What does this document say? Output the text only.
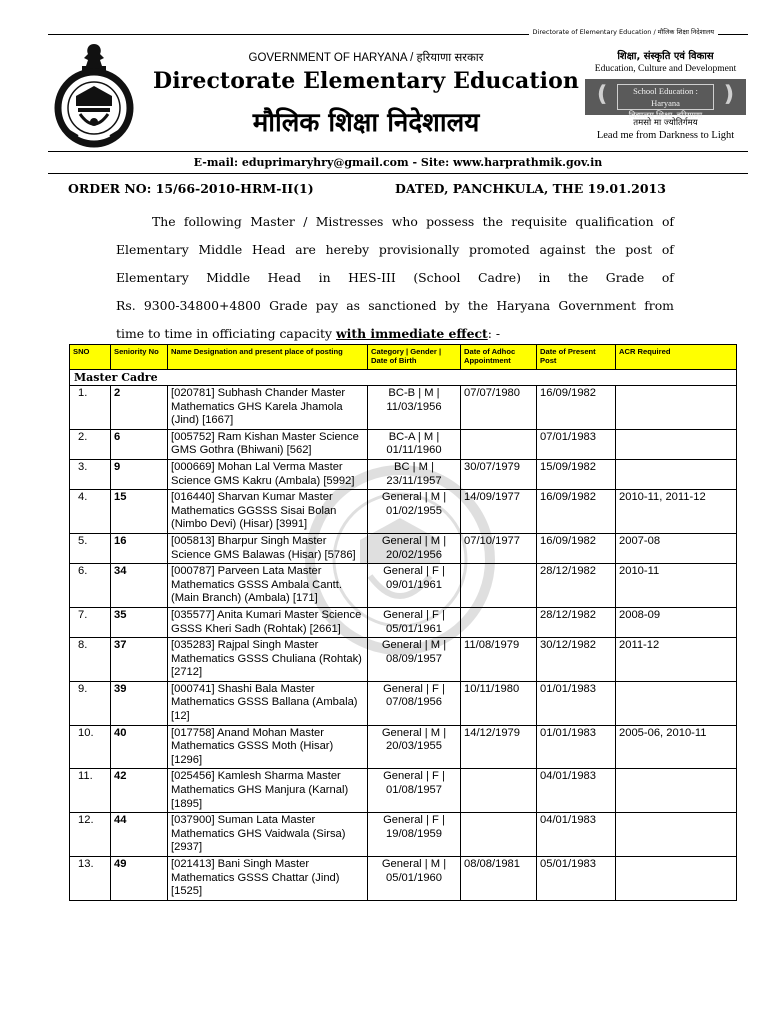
Directorate of Elementary Education / मौलिक शिक्षा निदेशालय
GOVERNMENT OF HARYANA / हरियाणा सरकार
Directorate Elementary Education
मौलिक शिक्षा निदेशालय
शिक्षा, संस्कृति एवं विकास
Education, Culture and Development
❪	School Education : Haryana
विद्यालय शिक्षा, हरियाणा
❫
तमसो मा ज्योतिर्गमय
Lead me from Darkness to Light
E-mail: eduprimaryhry@gmail.com - Site: www.harprathmik.gov.in
ORDER NO: 15/66-2010-HRM-II(1)	DATED, PANCHKULA, THE 19.01.2013
The following Master / Mistresses who possess the requisite qualification of
Elementary Middle Head are hereby provisionally promoted against the post of
Elementary Middle Head in HES-III (School Cadre) in the Grade of
Rs. 9300-34800+4800 Grade pay as sanctioned by the Haryana Government from
time to time in officiating capacity with immediate effect : -
SNO	Seniority No	Name Designation and present place of posting	Category | Gender | Date of Birth	Date of Adhoc Appointment	Date of Present Post	ACR Required
Master Cadre						
1.	2	[020781] Subhash Chander Master Mathematics GHS Karela Jhamola (Jind) [1667]	BC-B | M | 11/03/1956	07/07/1980	16/09/1982	
2.	6	[005752] Ram Kishan Master Science GMS Gothra (Bhiwani) [562]	BC-A | M | 01/11/1960		07/01/1983	
3.	9	[000669] Mohan Lal Verma Master Science GMS Kakru (Ambala) [5992]	BC | M | 23/11/1957	30/07/1979	15/09/1982	
4.	15	[016440] Sharvan Kumar Master Mathematics GGSSS Sisai Bolan (Nimbo Devi) (Hisar) [3991]	General | M | 01/02/1955	14/09/1977	16/09/1982	2010-11, 2011-12
5.	16	[005813] Bharpur Singh Master Science GMS Balawas (Hisar) [5786]	General | M | 20/02/1956	07/10/1977	16/09/1982	2007-08
6.	34	[000787] Parveen Lata Master Mathematics GSSS Ambala Cantt. (Main Branch) (Ambala) [171]	General | F | 09/01/1961		28/12/1982	2010-11
7.	35	[035577] Anita Kumari Master Science GSSS Kheri Sadh (Rohtak) [2661]	General | F | 05/01/1961		28/12/1982	2008-09
8.	37	[035283] Rajpal Singh Master Mathematics GSSS Chuliana (Rohtak) [2712]	General | M | 08/09/1957	11/08/1979	30/12/1982	2011-12
9.	39	[000741] Shashi Bala Master Mathematics GSSS Ballana (Ambala) [12]	General | F | 07/08/1956	10/11/1980	01/01/1983	
10.	40	[017758] Anand Mohan Master Mathematics GSSS Moth (Hisar) [1296]	General | M | 20/03/1955	14/12/1979	01/01/1983	2005-06, 2010-11
11.	42	[025456] Kamlesh Sharma Master Mathematics GHS Manjura (Karnal) [1895]	General | F | 01/08/1957		04/01/1983	
12.	44	[037900] Suman Lata Master Mathematics GHS Vaidwala (Sirsa) [2937]	General | F | 19/08/1959		04/01/1983	
13.	49	[021413] Bani Singh Master Mathematics GSSS Chattar (Jind) [1525]	General | M | 05/01/1960	08/08/1981	05/01/1983	
